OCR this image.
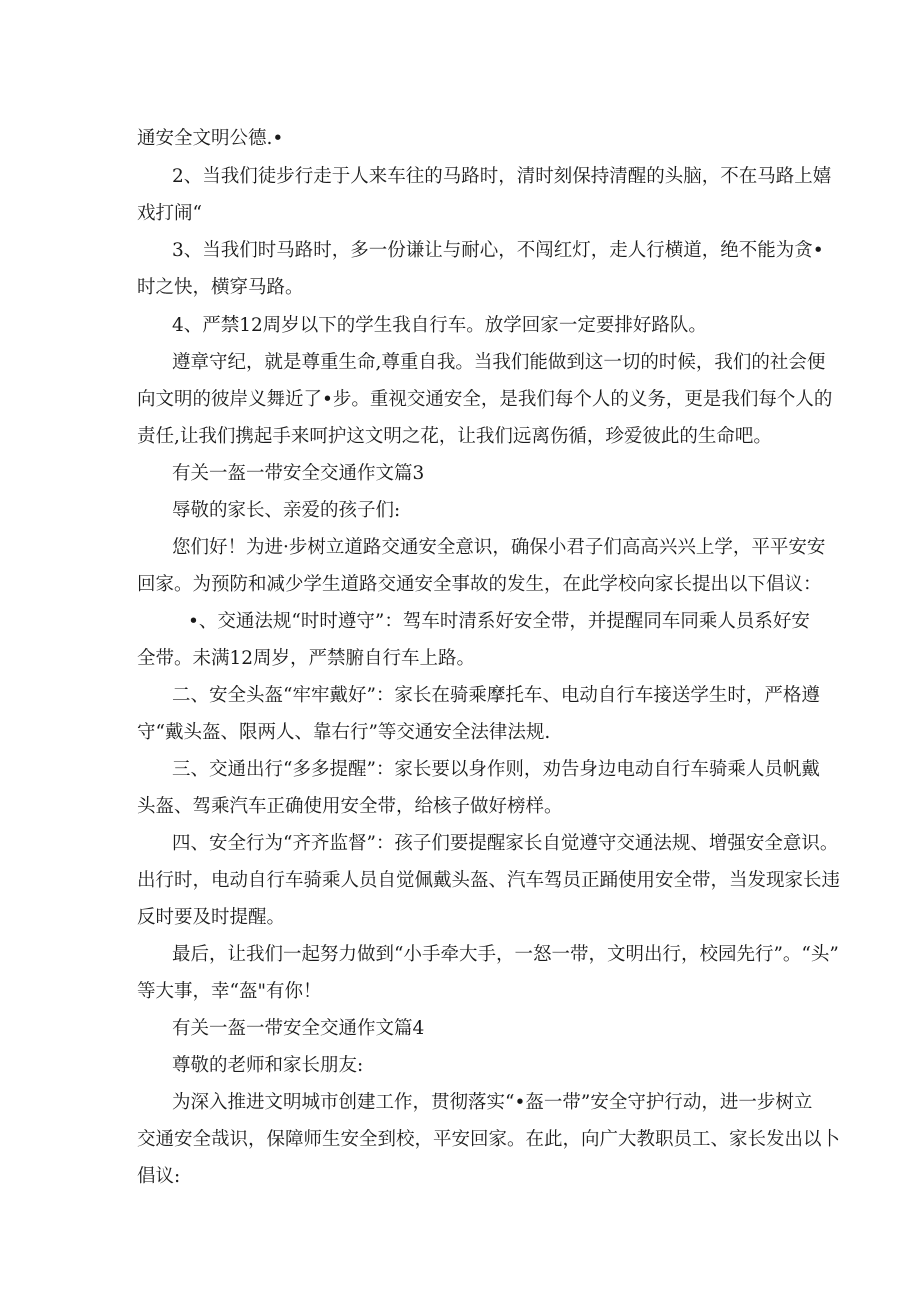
通安全文明公德.•
2、当我们徒步行走于人来车往的马路时，清时刻保持清醒的头脑，不在马路上嬉
戏打闹“
3、当我们时马路时，多一份谦让与耐心，不闯红灯，走人行横道，绝不能为贪•
时之快，横穿马路。
4、严禁12周岁以下的学生我自行车。放学回家一定要排好路队。
遵章守纪，就是尊重生命,尊重自我。当我们能做到这一切的时候，我们的社会便
向文明的彼岸义舞近了•步。重视交通安全，是我们每个人的义务，更是我们每个人的
责任,让我们携起手来呵护这文明之花，让我们远离伤循，珍爱彼此的生命吧。
有关一盔一带安全交通作文篇3
辱敬的家长、亲爱的孩子们:
您们好！为进·步树立道路交通安全意识，确保小君子们高高兴兴上学，平平安安
回家。为预防和减少学生道路交通安全事故的发生，在此学校向家长提出以下倡议：
•、交通法规“时时遵守”：驾车时清系好安全带，并提醒同车同乘人员系好安
全带。未满12周岁，严禁腑自行车上路。
二、安全头盔“牢牢戴好”：家长在骑乘摩托车、电动自行车接送学生时，严格遵
守“戴头盔、限两人、靠右行”等交通安全法律法规.
三、交通出行“多多提醒”：家长要以身作则，劝告身边电动自行车骑乘人员帆戴
头盔、驾乘汽车正确使用安全带，给核子做好榜样。
四、安全行为“齐齐监督”：孩子们要提醒家长自觉遵守交通法规、增强安全意识。
出行时，电动自行车骑乘人员自觉佩戴头盔、汽车驾员正踊使用安全带，当发现家长违
反时要及时提醒。
最后，让我们一起努力做到“小手牵大手，一怒一带，文明出行，校园先行”。“头”
等大事，幸“盔"有你！
有关一盔一带安全交通作文篇4
尊敬的老师和家长朋友:
为深入推进文明城市创建工作，贯彻落实“•盔一带”安全守护行动，进一步树立
交通安全哉识，保障师生安全到校，平安回家。在此，向广大教职员工、家长发出以卜
倡议:
